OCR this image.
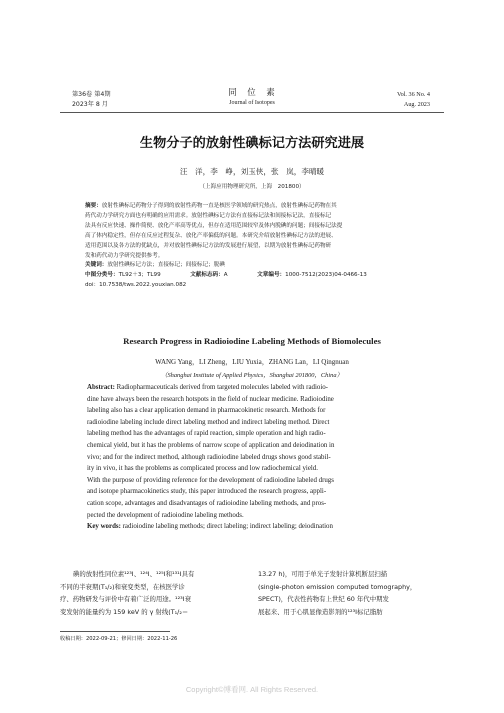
第36卷 第4期
2023年 8 月
同　位　素
Journal of Isotopes
Vol. 36 No. 4
Aug. 2023
生物分子的放射性碘标记方法研究进展
汪　洋，李　峥，刘玉侠，张　岚，李晴暖
（上海应用物理研究所，上海　201800）
摘要：放射性碘标记药物分子得到的放射性药物一直是核医学领域的研究热点，放射性碘标记药物在其
药代动力学研究方面也有明确的应用需求。放射性碘标记方法有直接标记法和间接标记法，直接标记
法具有反应快速、操作简便、放化产率高等优点，但存在适用范围较窄及体内脱碘的问题；间接标记法提
高了体内稳定性，但存在反应过程复杂、放化产率偏低的问题。本研究介绍放射性碘标记方法的进展、
适用范围以及各方法的优缺点，并对放射性碘标记方法的发展进行展望，以期为放射性碘标记药物研
发和药代动力学研究提供参考。
关键词：放射性碘标记方法；直接标记；间接标记；脱碘
中图分类号：TL92＋3；TL99	文献标志码：A	文章编号：1000-7512(2023)04-0466-13
doi：10.7538/tws.2022.youxian.082
Research Progress in Radioiodine Labeling Methods of Biomolecules
WANG Yang，LI Zheng，LIU Yuxia，ZHANG Lan，LI Qingnuan
（Shanghai Institute of Applied Physics，Shanghai 201800，China）
Abstract: Radiopharmaceuticals derived from targeted molecules labeled with radioio-
dine have always been the research hotspots in the field of nuclear medicine. Radioiodine
labeling also has a clear application demand in pharmacokinetic research. Methods for
radioiodine labeling include direct labeling method and indirect labeling method. Direct
labeling method has the advantages of rapid reaction, simple operation and high radio-
chemical yield, but it has the problems of narrow scope of application and deiodination in
vivo; and for the indirect method, although radioiodine labeled drugs shows good stabil-
ity in vivo, it has the problems as complicated process and low radiochemical yield.
With the purpose of providing reference for the development of radioiodine labeled drugs
and isotope pharmacokinetics study, this paper introduced the research progress, appli-
cation scope, advantages and disadvantages of radioiodine labeling methods, and pros-
pected the development of radioiodine labeling methods.
Key words: radioiodine labeling methods; direct labeling; indirect labeling; deiodination
碘的放射性同位素¹²³I、¹²⁴I、¹²⁵I和¹³¹I具有
不同的半衰期(T₁/₂)和衰变类型，在核医学诊
疗、药物研发与评价中有着广泛的用途。¹²³I衰
变发射的能量约为 159 keV 的 γ 射线(T₁/₂＝
13.27 h)，可用于单光子发射计算机断层扫描
(single-photon emission computed tomography，
SPECT)，代表性药物有上世纪 60 年代中期发
展起来、用于心肌显像造影剂的¹²³I标记脂肪
收稿日期：2022-09-21；修回日期：2022-11-26
Copyright©博看网. All Rights Reserved.
